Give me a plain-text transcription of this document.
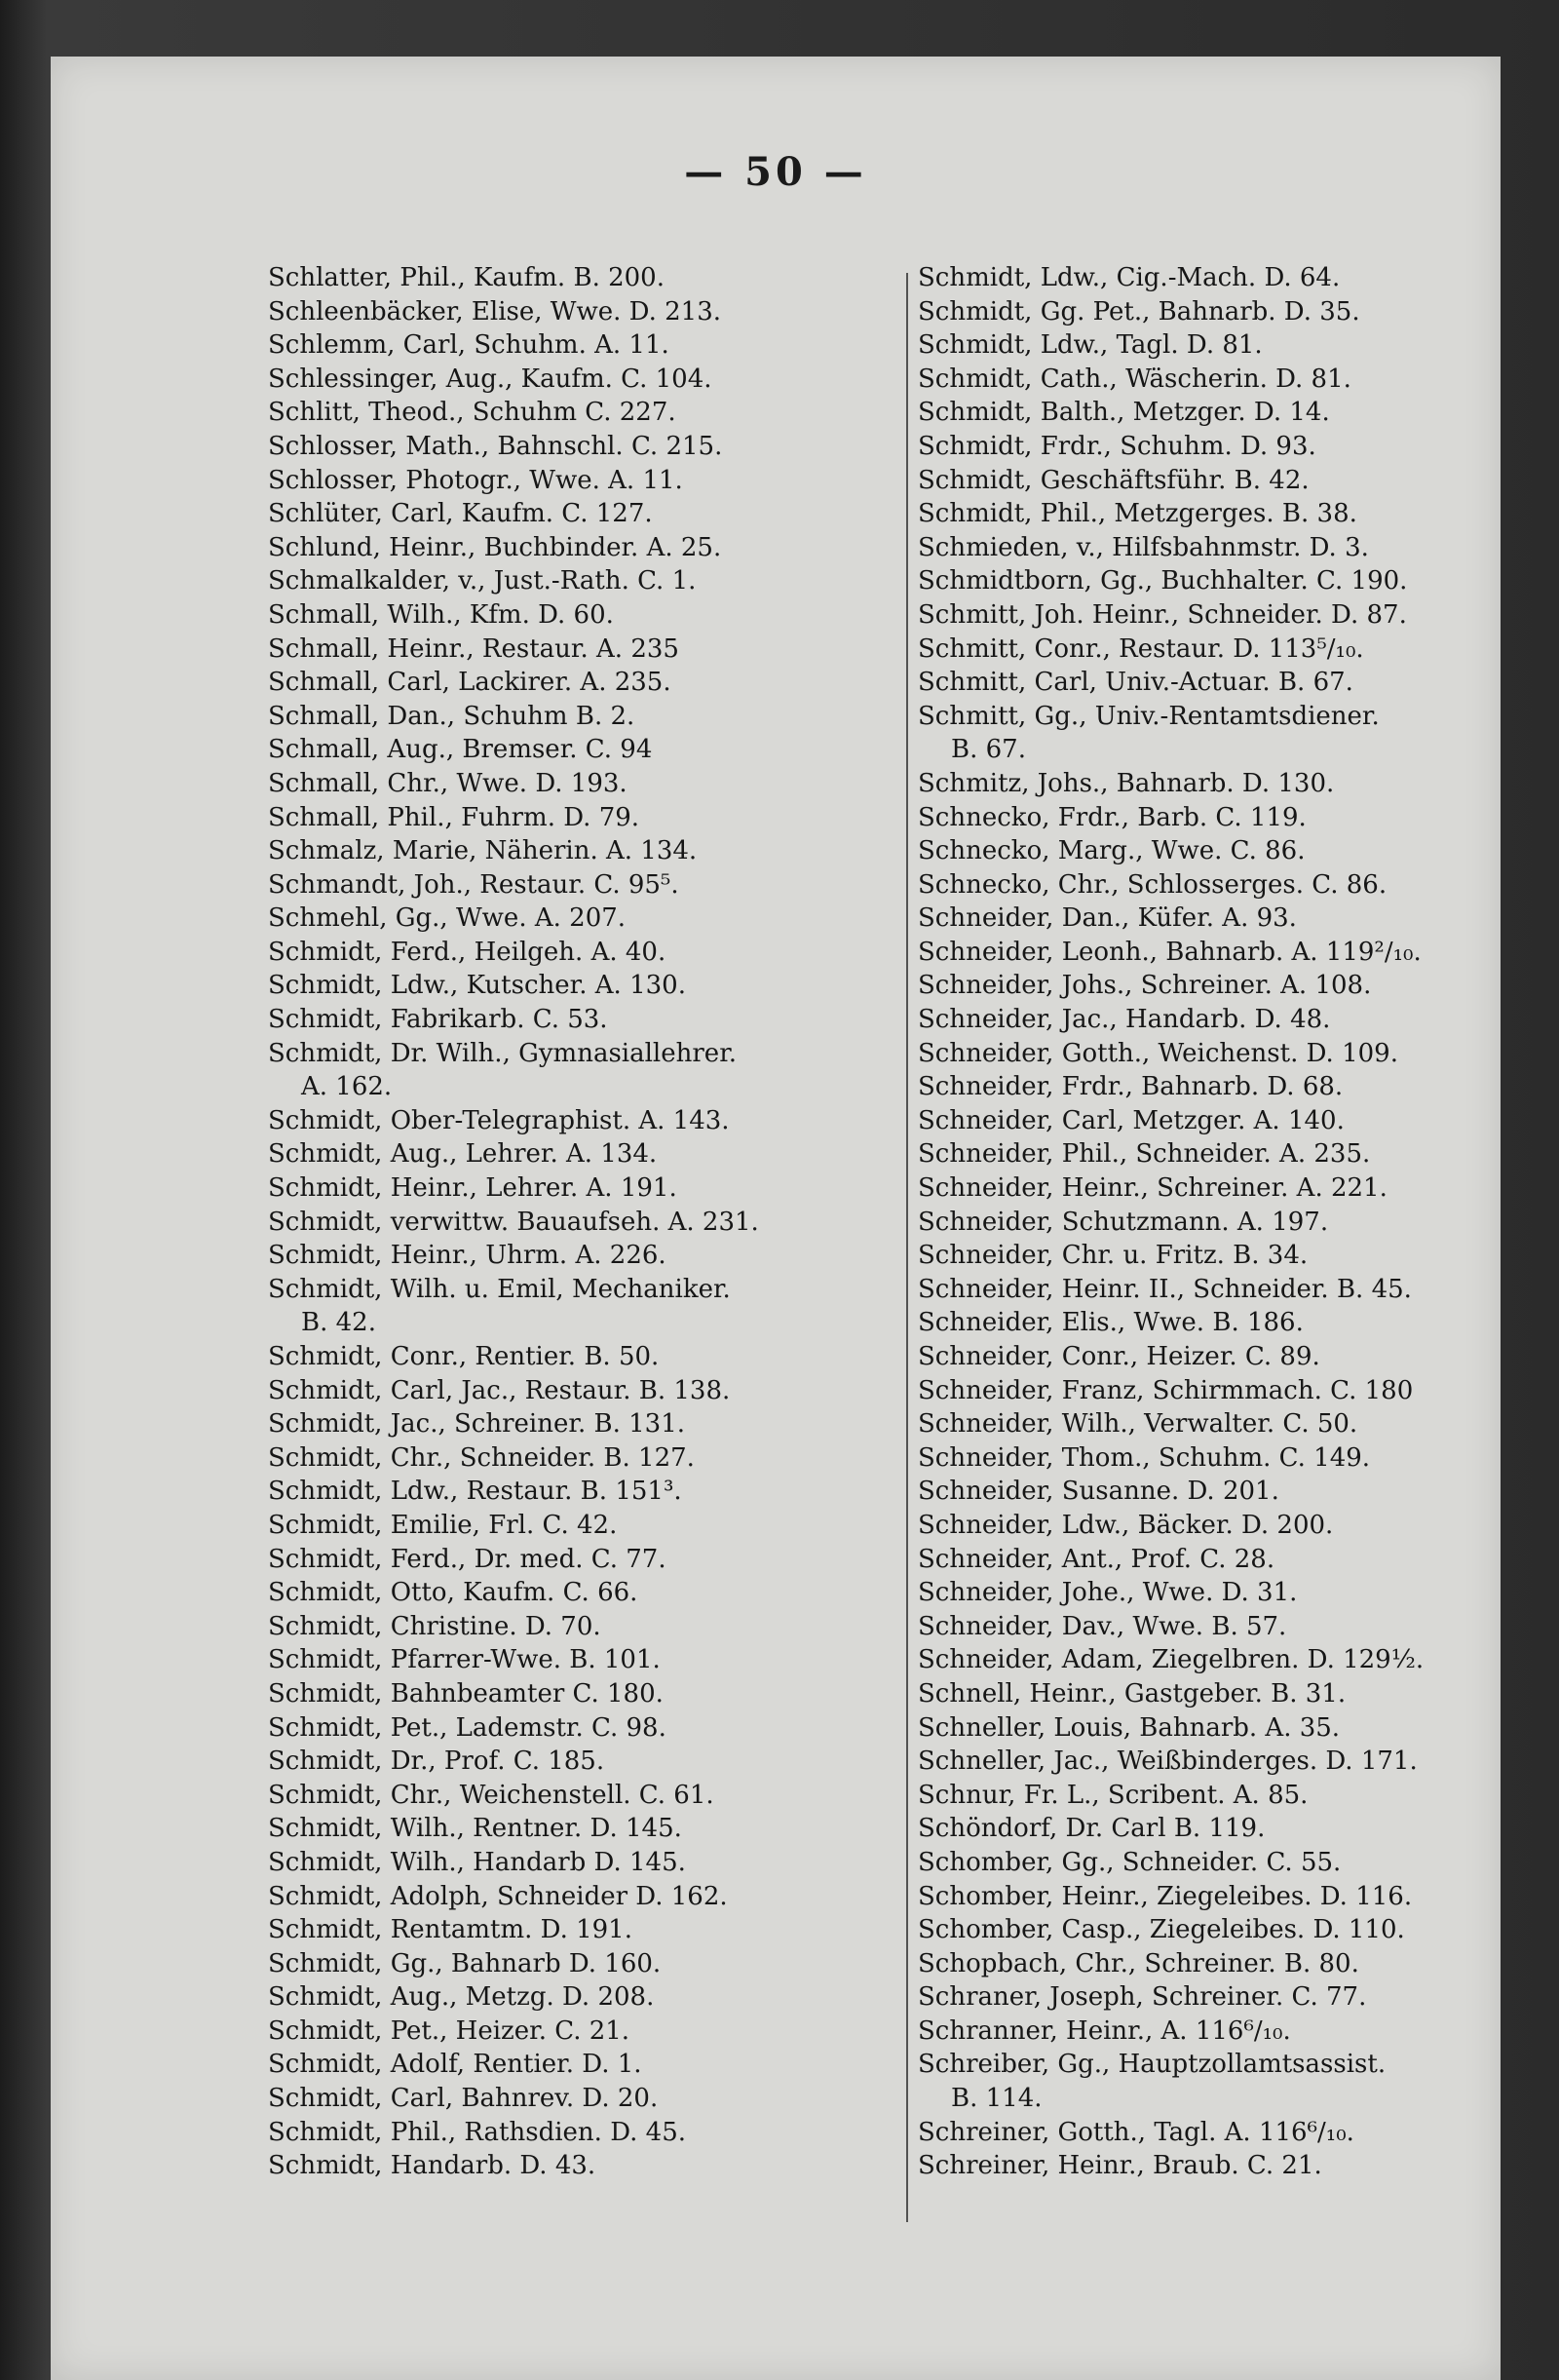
— 50 —
Schlatter, Phil., Kaufm. B. 200.
Schleenbäcker, Elise, Wwe. D. 213.
Schlemm, Carl, Schuhm. A. 11.
Schlessinger, Aug., Kaufm. C. 104.
Schlitt, Theod., Schuhm C. 227.
Schlosser, Math., Bahnschl. C. 215.
Schlosser, Photogr., Wwe. A. 11.
Schlüter, Carl, Kaufm. C. 127.
Schlund, Heinr., Buchbinder. A. 25.
Schmalkalder, v., Just.-Rath. C. 1.
Schmall, Wilh., Kfm. D. 60.
Schmall, Heinr., Restaur. A. 235
Schmall, Carl, Lackirer. A. 235.
Schmall, Dan., Schuhm B. 2.
Schmall, Aug., Bremser. C. 94
Schmall, Chr., Wwe. D. 193.
Schmall, Phil., Fuhrm. D. 79.
Schmalz, Marie, Näherin. A. 134.
Schmandt, Joh., Restaur. C. 95⁵.
Schmehl, Gg., Wwe. A. 207.
Schmidt, Ferd., Heilgeh. A. 40.
Schmidt, Ldw., Kutscher. A. 130.
Schmidt, Fabrikarb. C. 53.
Schmidt, Dr. Wilh., Gymnasiallehrer.
A. 162.
Schmidt, Ober-Telegraphist. A. 143.
Schmidt, Aug., Lehrer. A. 134.
Schmidt, Heinr., Lehrer. A. 191.
Schmidt, verwittw. Bauaufseh. A. 231.
Schmidt, Heinr., Uhrm. A. 226.
Schmidt, Wilh. u. Emil, Mechaniker.
B. 42.
Schmidt, Conr., Rentier. B. 50.
Schmidt, Carl, Jac., Restaur. B. 138.
Schmidt, Jac., Schreiner. B. 131.
Schmidt, Chr., Schneider. B. 127.
Schmidt, Ldw., Restaur. B. 151³.
Schmidt, Emilie, Frl. C. 42.
Schmidt, Ferd., Dr. med. C. 77.
Schmidt, Otto, Kaufm. C. 66.
Schmidt, Christine. D. 70.
Schmidt, Pfarrer-Wwe. B. 101.
Schmidt, Bahnbeamter C. 180.
Schmidt, Pet., Lademstr. C. 98.
Schmidt, Dr., Prof. C. 185.
Schmidt, Chr., Weichenstell. C. 61.
Schmidt, Wilh., Rentner. D. 145.
Schmidt, Wilh., Handarb D. 145.
Schmidt, Adolph, Schneider D. 162.
Schmidt, Rentamtm. D. 191.
Schmidt, Gg., Bahnarb D. 160.
Schmidt, Aug., Metzg. D. 208.
Schmidt, Pet., Heizer. C. 21.
Schmidt, Adolf, Rentier. D. 1.
Schmidt, Carl, Bahnrev. D. 20.
Schmidt, Phil., Rathsdien. D. 45.
Schmidt, Handarb. D. 43.
Schmidt, Ldw., Cig.-Mach. D. 64.
Schmidt, Gg. Pet., Bahnarb. D. 35.
Schmidt, Ldw., Tagl. D. 81.
Schmidt, Cath., Wäscherin. D. 81.
Schmidt, Balth., Metzger. D. 14.
Schmidt, Frdr., Schuhm. D. 93.
Schmidt, Geschäftsführ. B. 42.
Schmidt, Phil., Metzgerges. B. 38.
Schmieden, v., Hilfsbahnmstr. D. 3.
Schmidtborn, Gg., Buchhalter. C. 190.
Schmitt, Joh. Heinr., Schneider. D. 87.
Schmitt, Conr., Restaur. D. 113⁵/₁₀.
Schmitt, Carl, Univ.-Actuar. B. 67.
Schmitt, Gg., Univ.-Rentamtsdiener.
B. 67.
Schmitz, Johs., Bahnarb. D. 130.
Schnecko, Frdr., Barb. C. 119.
Schnecko, Marg., Wwe. C. 86.
Schnecko, Chr., Schlosserges. C. 86.
Schneider, Dan., Küfer. A. 93.
Schneider, Leonh., Bahnarb. A. 119²/₁₀.
Schneider, Johs., Schreiner. A. 108.
Schneider, Jac., Handarb. D. 48.
Schneider, Gotth., Weichenst. D. 109.
Schneider, Frdr., Bahnarb. D. 68.
Schneider, Carl, Metzger. A. 140.
Schneider, Phil., Schneider. A. 235.
Schneider, Heinr., Schreiner. A. 221.
Schneider, Schutzmann. A. 197.
Schneider, Chr. u. Fritz. B. 34.
Schneider, Heinr. II., Schneider. B. 45.
Schneider, Elis., Wwe. B. 186.
Schneider, Conr., Heizer. C. 89.
Schneider, Franz, Schirmmach. C. 180
Schneider, Wilh., Verwalter. C. 50.
Schneider, Thom., Schuhm. C. 149.
Schneider, Susanne. D. 201.
Schneider, Ldw., Bäcker. D. 200.
Schneider, Ant., Prof. C. 28.
Schneider, Johe., Wwe. D. 31.
Schneider, Dav., Wwe. B. 57.
Schneider, Adam, Ziegelbren. D. 129½.
Schnell, Heinr., Gastgeber. B. 31.
Schneller, Louis, Bahnarb. A. 35.
Schneller, Jac., Weißbinderges. D. 171.
Schnur, Fr. L., Scribent. A. 85.
Schöndorf, Dr. Carl B. 119.
Schomber, Gg., Schneider. C. 55.
Schomber, Heinr., Ziegeleibes. D. 116.
Schomber, Casp., Ziegeleibes. D. 110.
Schopbach, Chr., Schreiner. B. 80.
Schraner, Joseph, Schreiner. C. 77.
Schranner, Heinr., A. 116⁶/₁₀.
Schreiber, Gg., Hauptzollamtsassist.
B. 114.
Schreiner, Gotth., Tagl. A. 116⁶/₁₀.
Schreiner, Heinr., Braub. C. 21.
